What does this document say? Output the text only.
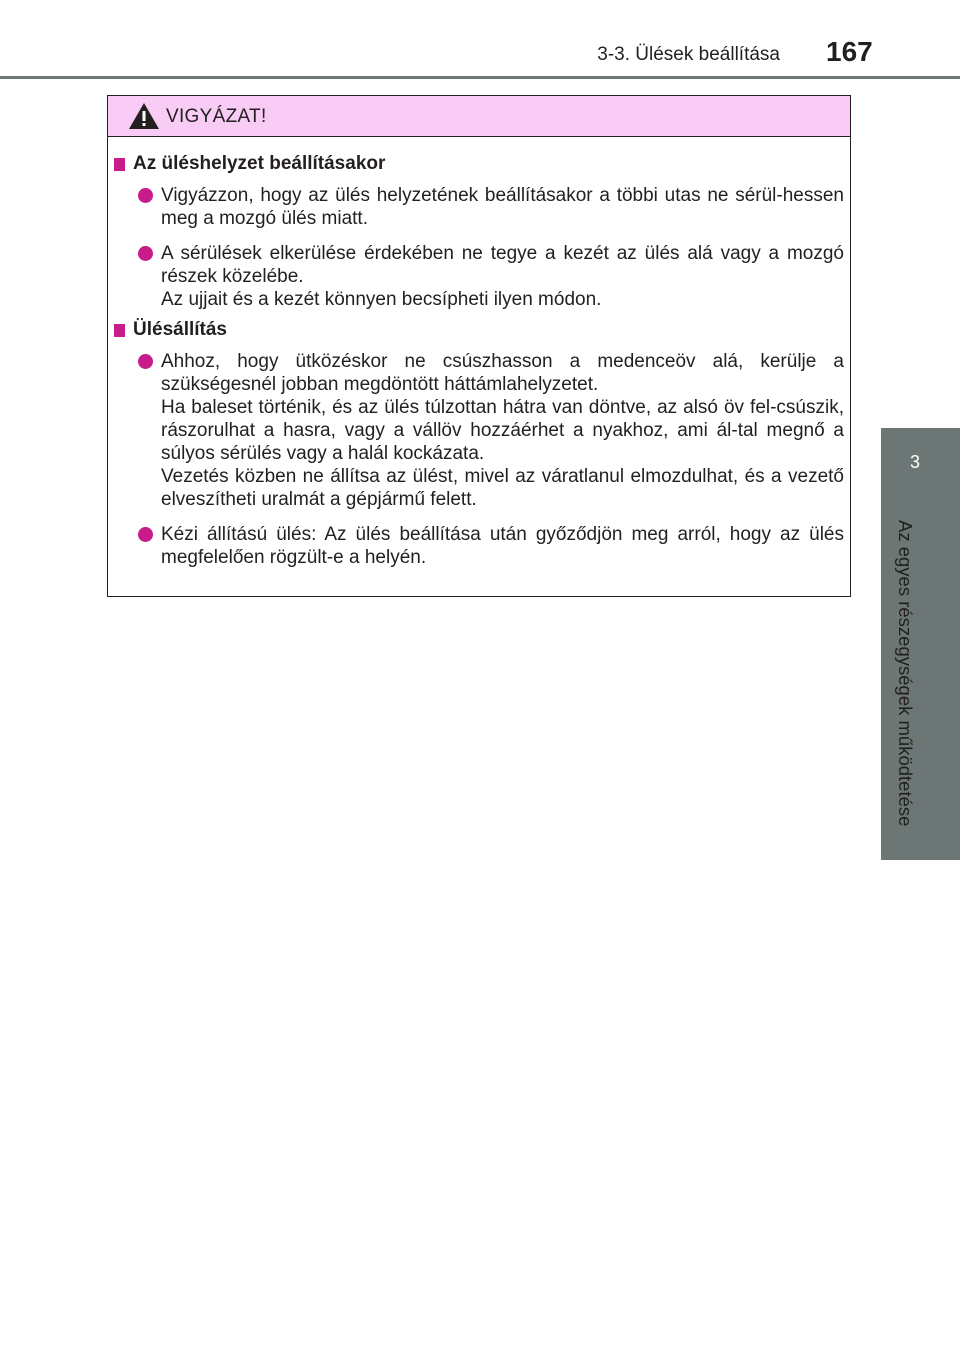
3-3. Ülések beállítása 167
3
Az egyes részegységek működtetése
VIGYÁZAT!
Az üléshelyzet beállításakor
Vigyázzon, hogy az ülés helyzetének beállításakor a többi utas ne sérül-hessen meg a mozgó ülés miatt.
A sérülések elkerülése érdekében ne tegye a kezét az ülés alá vagy a mozgó részek közelébe.
Az ujjait és a kezét könnyen becsípheti ilyen módon.
Ülésállítás
Ahhoz, hogy ütközéskor ne csúszhasson a medenceöv alá, kerülje a szükségesnél jobban megdöntött háttámlahelyzetet.
Ha baleset történik, és az ülés túlzottan hátra van döntve, az alsó öv fel-csúszik, rászorulhat a hasra, vagy a vállöv hozzáérhet a nyakhoz, ami ál-tal megnő a súlyos sérülés vagy a halál kockázata.
Vezetés közben ne állítsa az ülést, mivel az váratlanul elmozdulhat, és a vezető elveszítheti uralmát a gépjármű felett.
Kézi állítású ülés: Az ülés beállítása után győződjön meg arról, hogy az ülés megfelelően rögzült-e a helyén.
